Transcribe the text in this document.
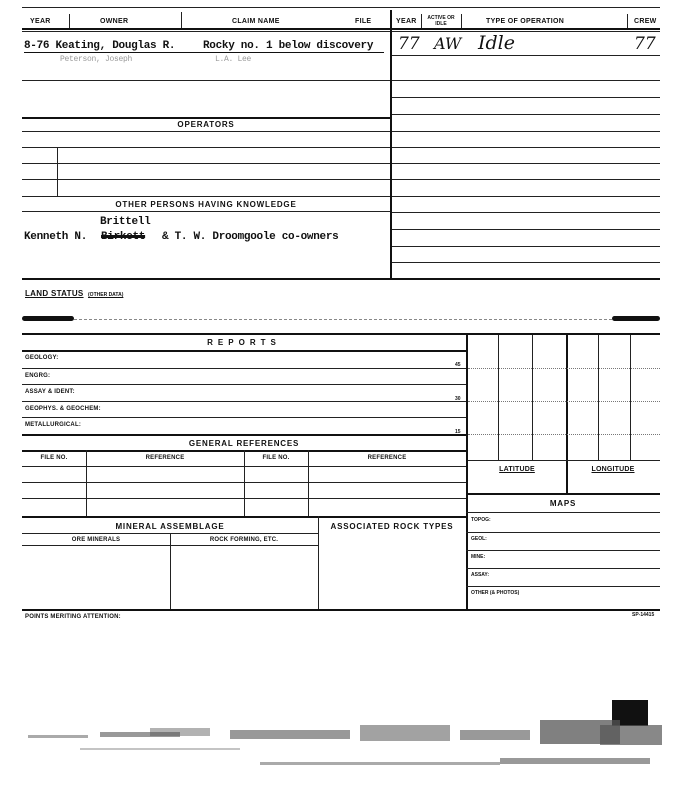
YEAR	OWNER	CLAIM NAME	FILE	YEAR	ACTIVE OR IDLE	TYPE OF OPERATION	CREW
8-76 Keating, Douglas R.	Rocky no. 1 below discovery
Peterson, Joseph	L.A. Lee
77 AW Idle	77
OPERATORS
OTHER PERSONS HAVING KNOWLEDGE
Brittell
Kenneth N. Birkett & T. W. Droomgoole co-owners
LAND STATUS (OTHER DATA)
REPORTS
GEOLOGY:
45
ENGRG:
ASSAY & IDENT:
30
GEOPHYS. & GEOCHEM:
METALLURGICAL:
15
GENERAL REFERENCES
FILE NO.	REFERENCE	FILE NO.	REFERENCE
MINERAL ASSEMBLAGE	ASSOCIATED ROCK TYPES
ORE MINERALS	ROCK FORMING, ETC.
LATITUDE	LONGITUDE
MAPS
TOPOG:
GEOL:
MINE:
ASSAY:
OTHER (& PHOTOS)
POINTS MERITING ATTENTION:	SP-14415
